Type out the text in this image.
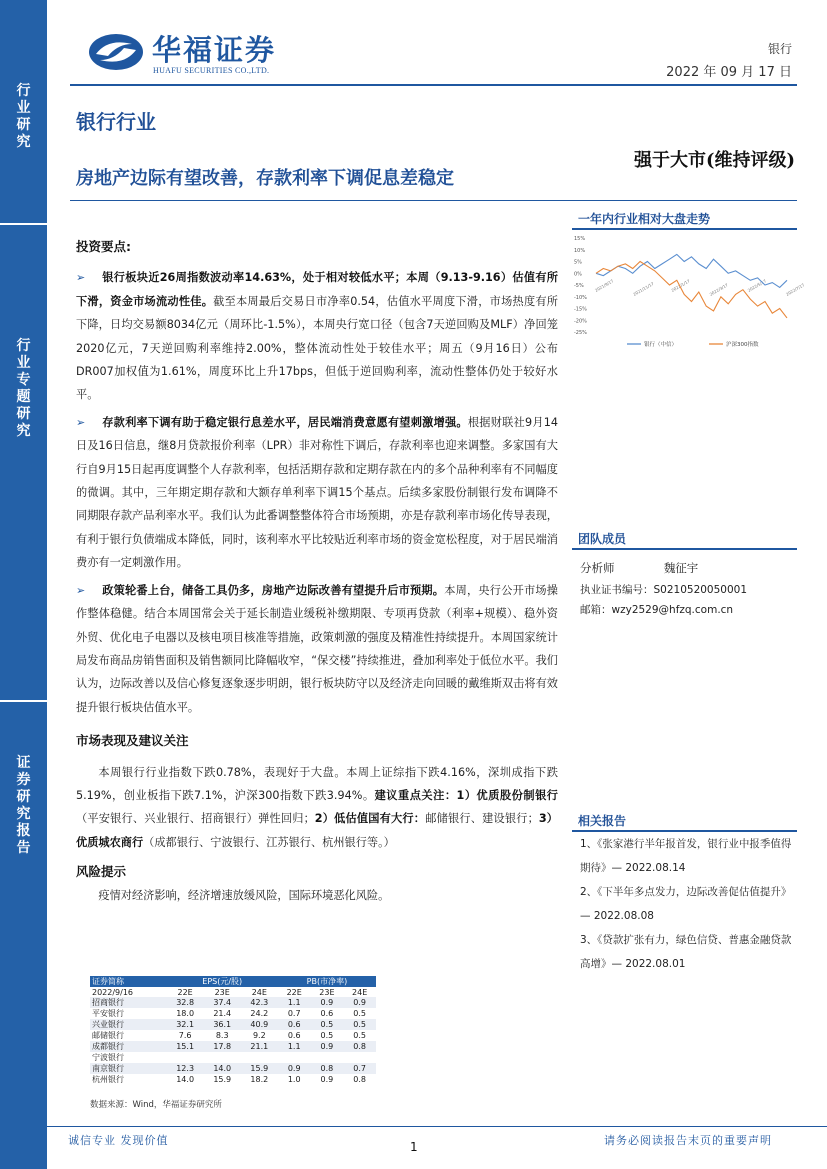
行
业
研
究
行
业
专
题
研
究
证
券
研
究
报
告
华福证券
HUAFU SECURITIES CO.,LTD.
银行
2022 年 09 月 17 日
银行行业
强于大市(维持评级)
房地产边际有望改善，存款利率下调促息差稳定
投资要点:
➢ 银行板块近26周指数波动率14.63%，处于相对较低水平；本周（9.13-9.16）估值有所下滑，资金市场流动性佳。截至本周最后交易日市净率0.54，估值水平周度下滑，市场热度有所下降，日均交易额8034亿元（周环比-1.5%），本周央行宽口径（包含7天逆回购及MLF）净回笼2020亿元，7天逆回购利率维持2.00%，整体流动性处于较佳水平；周五（9月16日）公布DR007加权值为1.61%，周度环比上升17bps，但低于逆回购利率，流动性整体仍处于较好水平。
➢ 存款利率下调有助于稳定银行息差水平，居民端消费意愿有望刺激增强。根据财联社9月14日及16日信息，继8月贷款报价利率（LPR）非对称性下调后，存款利率也迎来调整。多家国有大行自9月15日起再度调整个人存款利率，包括活期存款和定期存款在内的多个品种利率有不同幅度的微调。其中，三年期定期存款和大额存单利率下调15个基点。后续多家股份制银行发布调降不同期限存款产品利率水平。我们认为此番调整整体符合市场预期，亦是存款利率市场化传导表现，有利于银行负债端成本降低，同时，该利率水平比较贴近利率市场的资金宽松程度，对于居民端消费亦有一定刺激作用。
➢ 政策轮番上台，储备工具仍多，房地产边际改善有望提升后市预期。本周，央行公开市场操作整体稳健。结合本周国常会关于延长制造业缓税补缴期限、专项再贷款（利率+规模）、稳外资外贸、优化电子电器以及核电项目核准等措施，政策刺激的强度及精准性持续提升。本周国家统计局发布商品房销售面积及销售额同比降幅收窄，“保交楼”持续推进，叠加利率处于低位水平。我们认为，边际改善以及信心修复逐象逐步明朗，银行板块防守以及经济走向回暖的戴维斯双击将有效提升银行板块估值水平。
市场表现及建议关注
本周银行行业指数下跌0.78%，表现好于大盘。本周上证综指下跌4.16%，深圳成指下跌5.19%，创业板指下跌7.1%，沪深300指数下跌3.94%。建议重点关注：1）优质股份制银行（平安银行、兴业银行、招商银行）弹性回归；2）低估值国有大行：邮储银行、建设银行；3）优质城农商行（成都银行、宁波银行、江苏银行、杭州银行等。）
风险提示
疫情对经济影响，经济增速放缓风险，国际环境恶化风险。
证券简称	EPS(元/股)			PB(市净率)		
2022/9/16	22E	23E	24E	22E	23E	24E
招商银行	32.8	37.4	42.3	1.1	0.9	0.9
平安银行	18.0	21.4	24.2	0.7	0.6	0.5
兴业银行	32.1	36.1	40.9	0.6	0.5	0.5
邮储银行	7.6	8.3	9.2	0.6	0.5	0.5
成都银行	15.1	17.8	21.1	1.1	0.9	0.8
宁波银行						
南京银行	12.3	14.0	15.9	0.9	0.8	0.7
杭州银行	14.0	15.9	18.2	1.0	0.9	0.8
数据来源：Wind，华福证券研究所
一年内行业相对大盘走势
15%
10%
5%
0%
-5%
-10%
-15%
-20%
-25%
2021/9/17	2021/11/17	2022/1/17	2022/3/17	2022/5/17	2022/7/17
银行（中信）	沪深300指数
团队成员
分析师	魏征宇
执业证书编号：S0210520050001
邮箱：wzy2529@hfzq.com.cn
相关报告
1、《张家港行半年报首发，银行业中报季值得期待》— 2022.08.14
2、《下半年多点发力，边际改善促估值提升》— 2022.08.08
3、《贷款扩张有力，绿色信贷、普惠金融贷款高增》— 2022.08.01
诚信专业 发现价值	1	请务必阅读报告末页的重要声明
